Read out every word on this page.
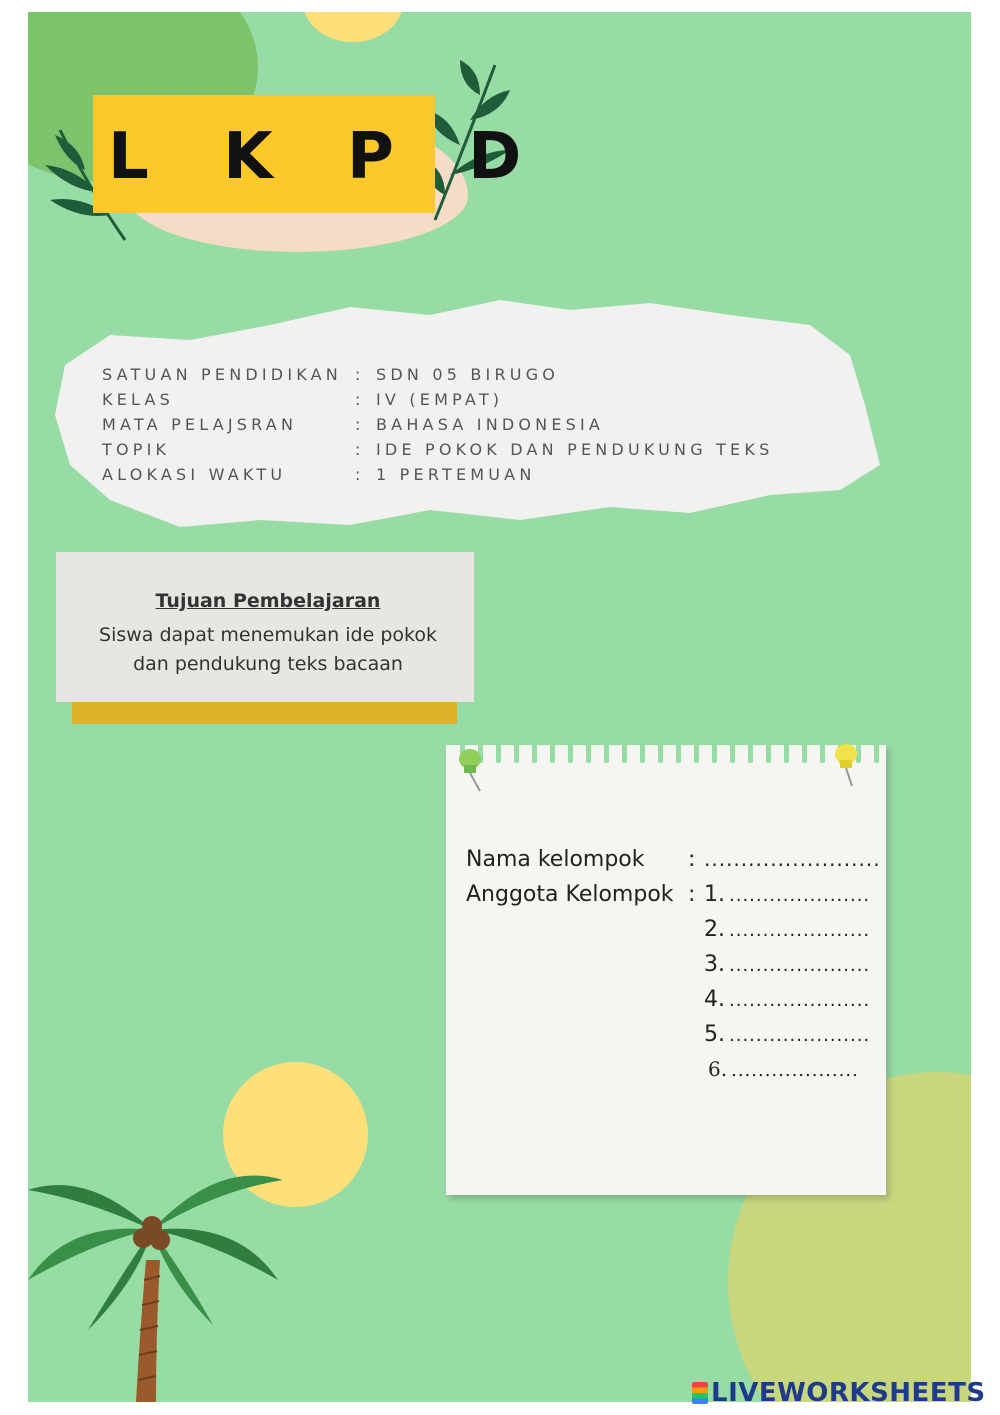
L K P D
SATUAN PENDIDIKAN : SDN 05 BIRUGO
KELAS	: IV (EMPAT)
MATA PELAJSRAN	: BAHASA INDONESIA
TOPIK	: IDE POKOK DAN PENDUKUNG TEKS
ALOKASI WAKTU	: 1 PERTEMUAN
Tujuan Pembelajaran
Siswa dapat menemukan ide pokok
dan pendukung teks bacaan
Nama kelompok : ........................
Anggota Kelompok : 1. .....................
2. .....................
3. .....................
4. .....................
5. .....................
6. ...................
LIVEWORKSHEETS
